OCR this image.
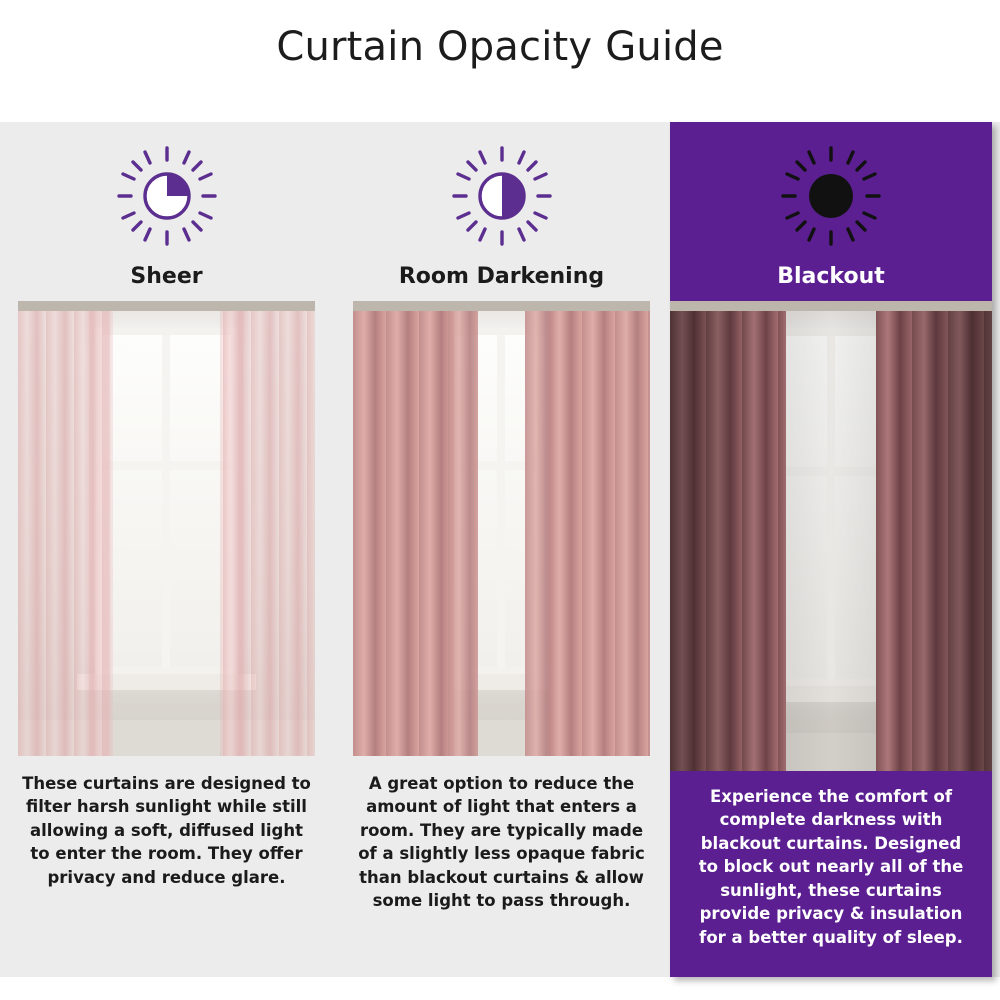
Curtain Opacity Guide
Sheer
These curtains are designed to filter harsh sunlight while still allowing a soft, diffused light to enter the room. They offer privacy and reduce glare.
Room Darkening
A great option to reduce the amount of light that enters a room. They are typically made of a slightly less opaque fabric than blackout curtains & allow some light to pass through.
Blackout
Experience the comfort of complete darkness with blackout curtains. Designed to block out nearly all of the sunlight, these curtains provide privacy & insulation for a better quality of sleep.
